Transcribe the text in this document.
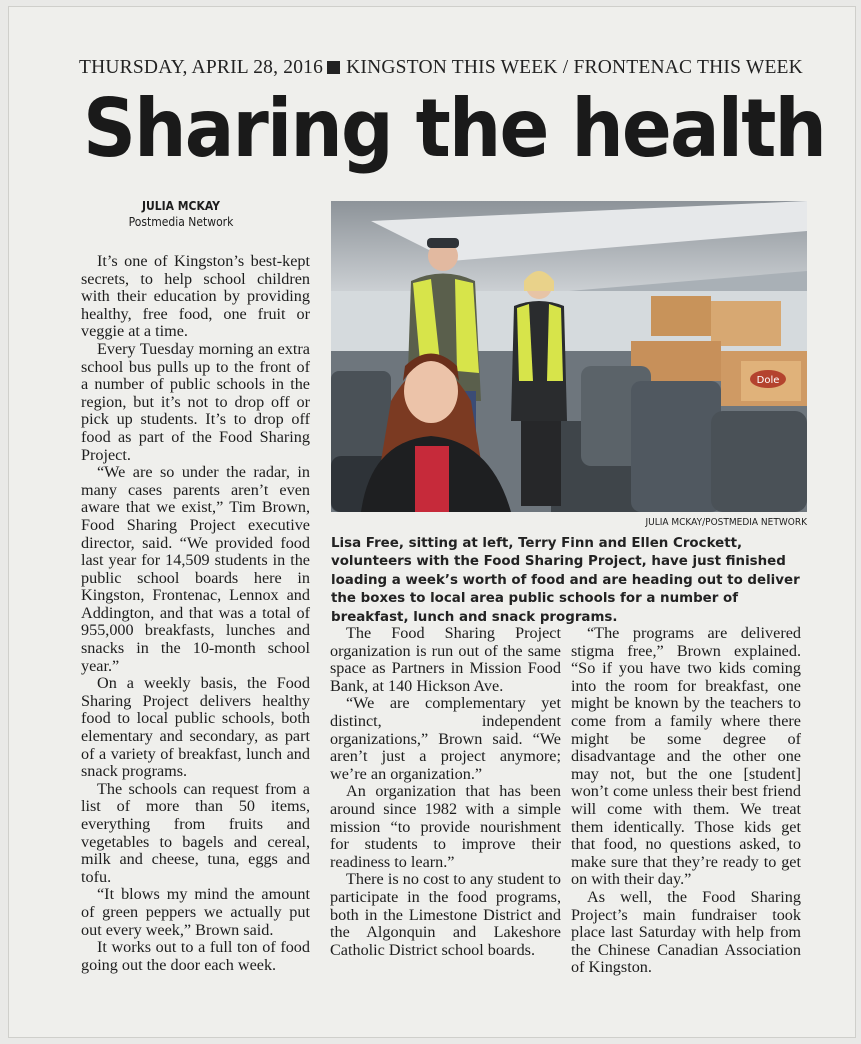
THURSDAY, APRIL 28, 2016 KINGSTON THIS WEEK / FRONTENAC THIS WEEK
Sharing the health
JULIA MCKAY
Postmedia Network

It’s one of Kingston’s best-kept secrets, to help school children with their education by providing healthy, free food, one fruit or veggie at a time.

Every Tuesday morning an extra school bus pulls up to the front of a number of public schools in the region, but it’s not to drop off or pick up students. It’s to drop off food as part of the Food Sharing Project.

“We are so under the radar, in many cases parents aren’t even aware that we exist,” Tim Brown, Food Sharing Project executive director, said. “We provided food last year for 14,509 students in the public school boards here in Kingston, Frontenac, Lennox and Addington, and that was a total of 955,000 breakfasts, lunches and snacks in the 10-month school year.”

On a weekly basis, the Food Sharing Project delivers healthy food to local public schools, both elementary and secondary, as part of a variety of breakfast, lunch and snack programs.

The schools can request from a list of more than 50 items, everything from fruits and vegetables to bagels and cereal, milk and cheese, tuna, eggs and tofu.

“It blows my mind the amount of green peppers we actually put out every week,” Brown said.

It works out to a full ton of food going out the door each week.

Dole
JULIA MCKAY/POSTMEDIA NETWORK
Lisa Free, sitting at left, Terry Finn and Ellen Crockett, volunteers with the Food Sharing Project, have just finished loading a week’s worth of food and are heading out to deliver the boxes to local area public schools for a number of breakfast, lunch and snack programs.

The Food Sharing Project organization is run out of the same space as Partners in Mission Food Bank, at 140 Hickson Ave.

“We are complementary yet distinct, independent organizations,” Brown said. “We aren’t just a project anymore; we’re an organization.”

An organization that has been around since 1982 with a simple mission “to provide nourishment for students to improve their readiness to learn.”

There is no cost to any student to participate in the food programs, both in the Limestone District and the Algonquin and Lakeshore Catholic District school boards.

“The programs are delivered stigma free,” Brown explained. “So if you have two kids coming into the room for breakfast, one might be known by the teachers to come from a family where there might be some degree of disadvantage and the other one may not, but the one [student] won’t come unless their best friend will come with them. We treat them identically. Those kids get that food, no questions asked, to make sure that they’re ready to get on with their day.”

As well, the Food Sharing Project’s main fundraiser took place last Saturday with help from the Chinese Canadian Association of Kingston.
